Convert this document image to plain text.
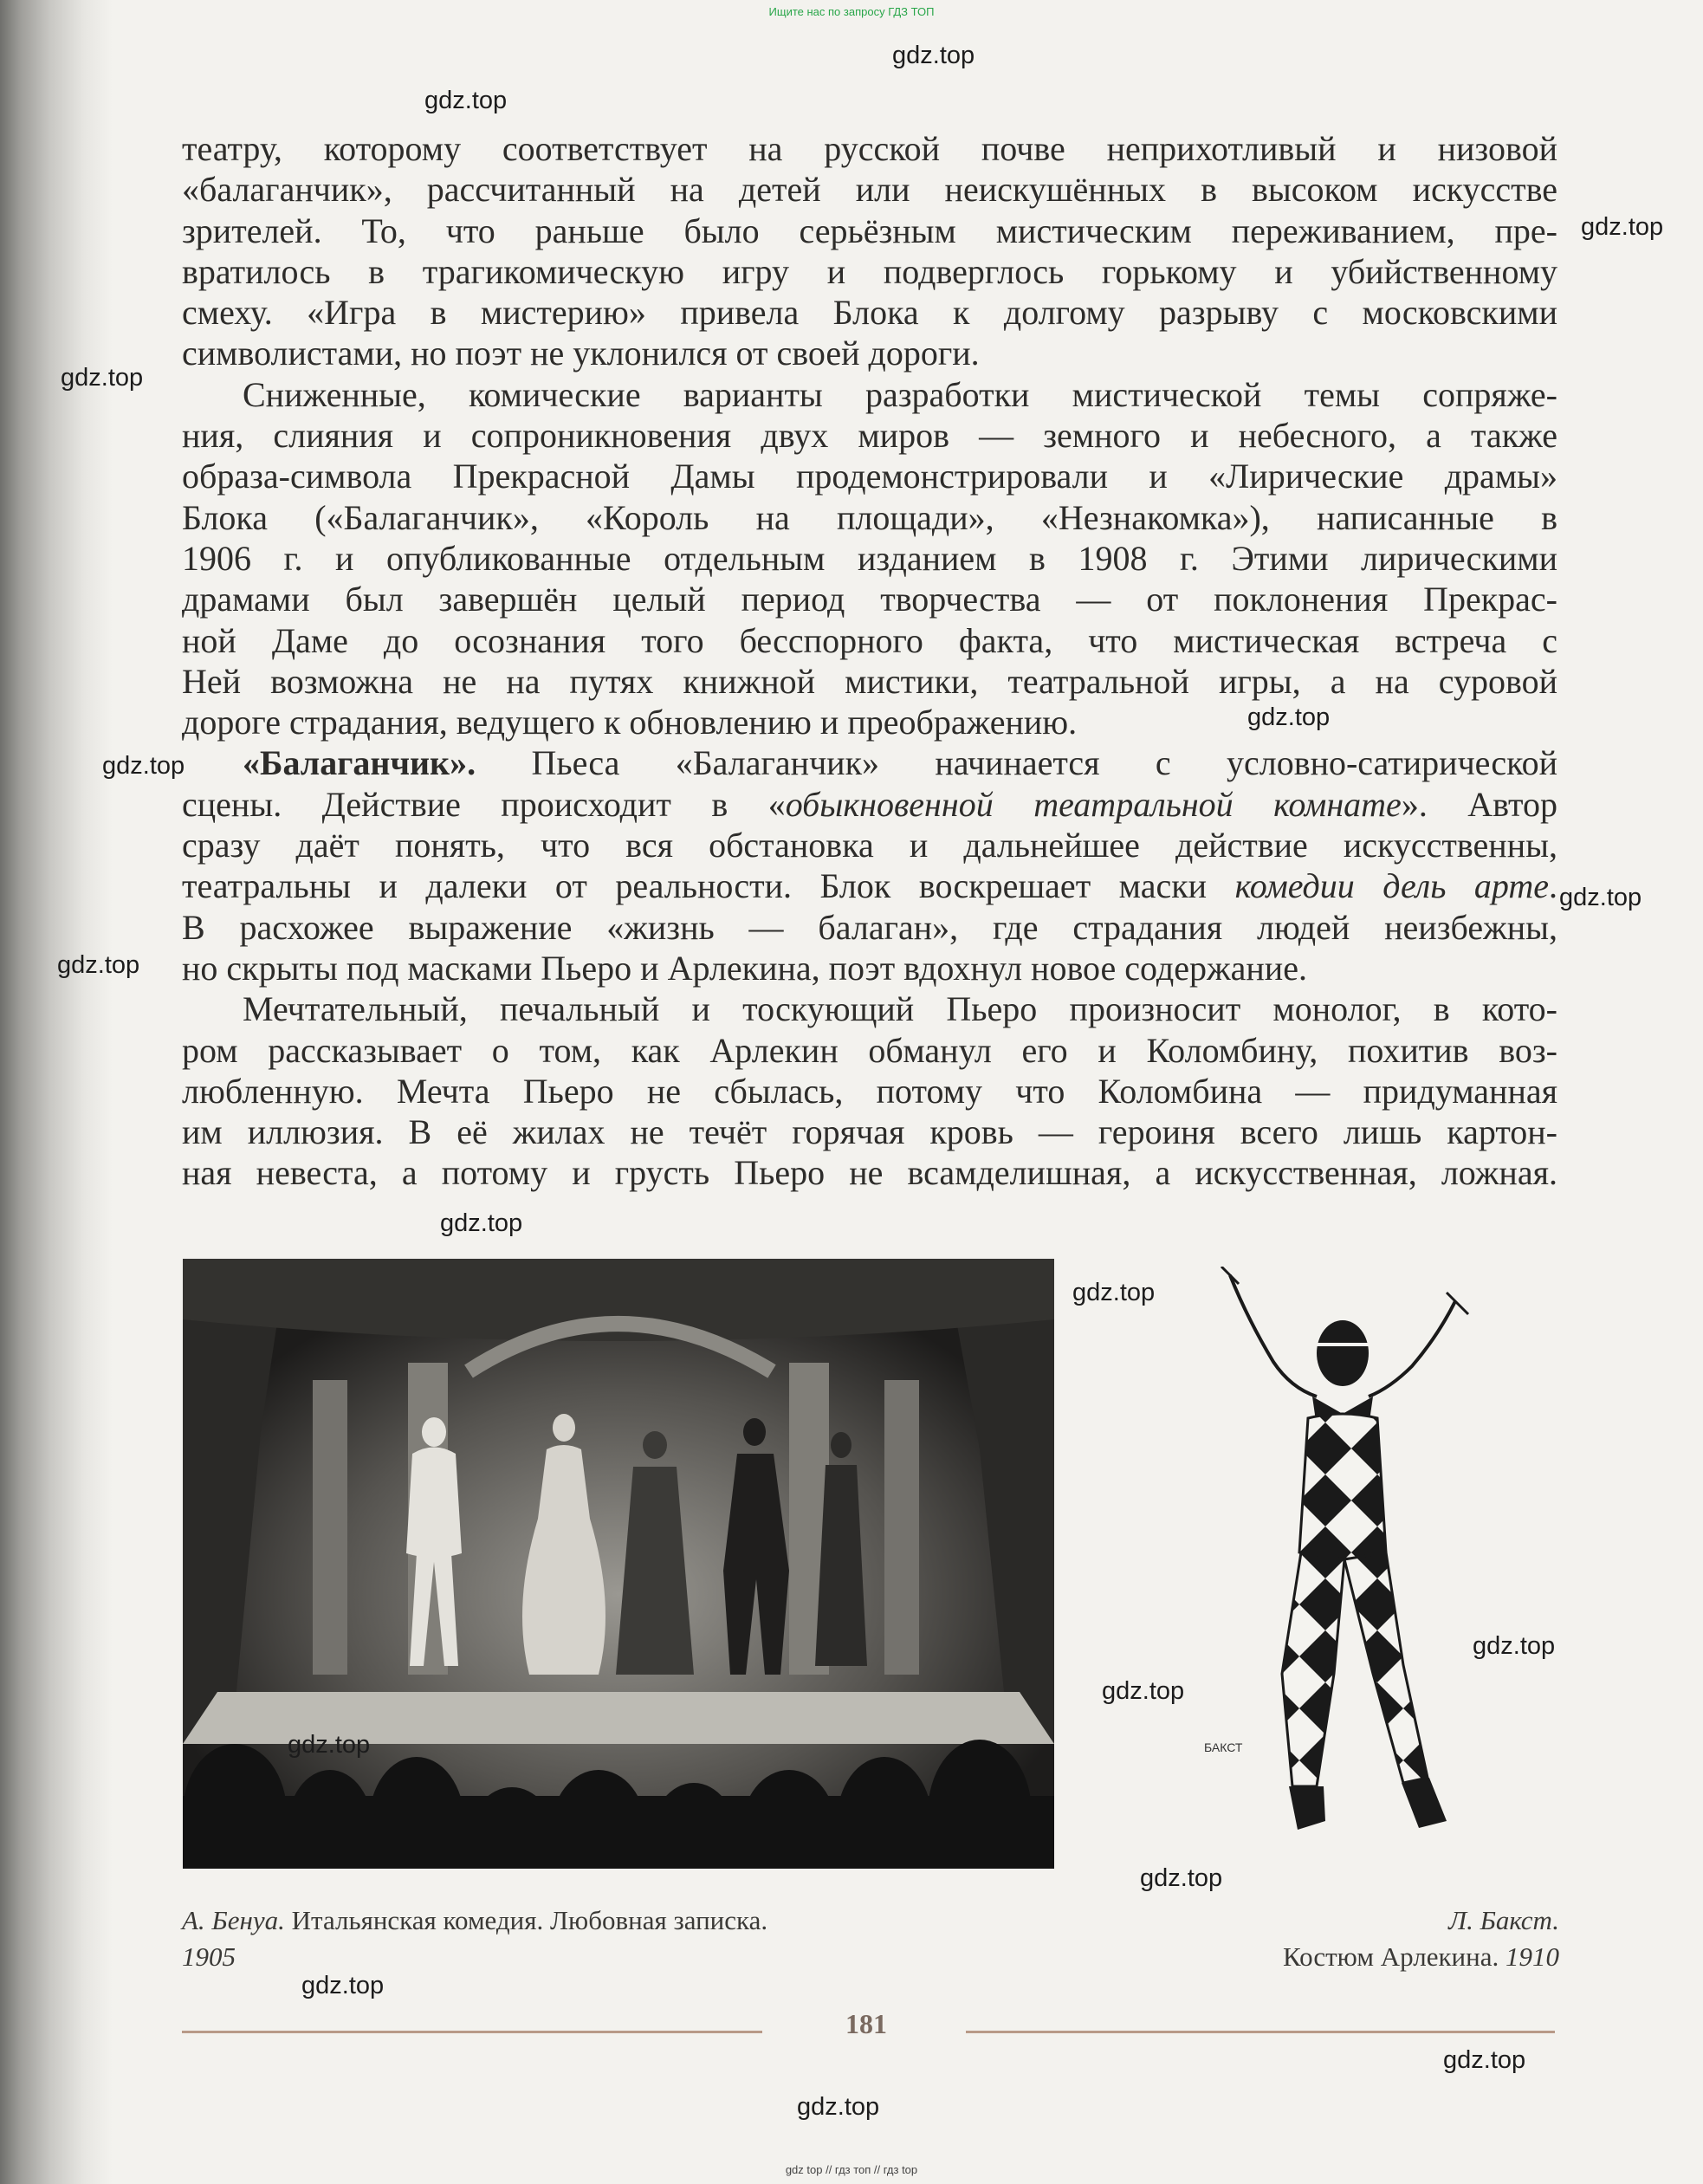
Ищите нас по запросу ГДЗ ТОП
театру, которому соответствует на русской почве неприхотливый и низовой
«балаганчик», рассчитанный на детей или неискушённых в высоком искусстве
зрителей. То, что раньше было серьёзным мистическим переживанием, пре-
вратилось в трагикомическую игру и подверглось горькому и убийственному
смеху. «Игра в мистерию» привела Блока к долгому разрыву с московскими
символистами, но поэт не уклонился от своей дороги.
Сниженные, комические варианты разработки мистической темы сопряже-
ния, слияния и сопроникновения двух миров — земного и небесного, а также
образа-символа Прекрасной Дамы продемонстрировали и «Лирические драмы»
Блока («Балаганчик», «Король на площади», «Незнакомка»), написанные в
1906 г. и опубликованные отдельным изданием в 1908 г. Этими лирическими
драмами был завершён целый период творчества — от поклонения Прекрас-
ной Даме до осознания того бесспорного факта, что мистическая встреча с
Ней возможна не на путях книжной мистики, театральной игры, а на суровой
дороге страдания, ведущего к обновлению и преображению.
«Балаганчик». Пьеса «Балаганчик» начинается с условно-сатирической
сцены. Действие происходит в «обыкновенной театральной комнате». Автор
сразу даёт понять, что вся обстановка и дальнейшее действие искусственны,
театральны и далеки от реальности. Блок воскрешает маски комедии дель арте.
В расхожее выражение «жизнь — балаган», где страдания людей неизбежны,
но скрыты под масками Пьеро и Арлекина, поэт вдохнул новое содержание.
Мечтательный, печальный и тоскующий Пьеро произносит монолог, в кото-
ром рассказывает о том, как Арлекин обманул его и Коломбину, похитив воз-
любленную. Мечта Пьеро не сбылась, потому что Коломбина — придуманная
им иллюзия. В её жилах не течёт горячая кровь — героиня всего лишь картон-
ная невеста, а потому и грусть Пьеро не всамделишная, а искусственная, ложная.
БАКСТ
А. Бенуа. Итальянская комедия. Любовная записка.
1905
Л. Бакст.
Костюм Арлекина. 1910
181
gdz.top
gdz.top
gdz.top
gdz.top
gdz.top
gdz.top
gdz.top
gdz.top
gdz.top
gdz.top
gdz.top
gdz.top
gdz.top
gdz.top
gdz.top
gdz.top
gdz.top
gdz top // гдз топ // гдз top
